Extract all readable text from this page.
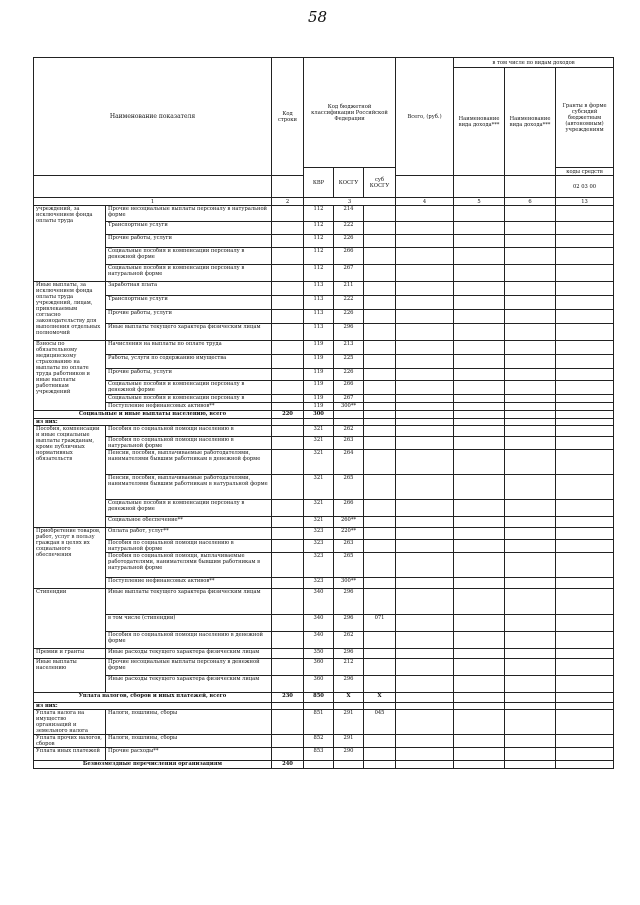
58
Наименование показателя		Код строки	Код бюджетной классификации Российской Федерации			Всего, (руб.)	в том числе по видам доходов		
							Наименование вида дохода***	Наименование вида дохода***	Гранты в форме субсидий бюджетным (автономным) учреждениям
			КВР	КОСГУ	суб КОСГУ				коды средств
									02 03 00
1		2	3			4	5	6	13
учреждений, за исключением фонда оплаты труда	Прочие несоциальные выплаты персоналу в натуральной форме		112	214					
	Транспортные услуги		112	222					
	Прочие работы, услуги		112	226					
	Социальные пособия и компенсации персоналу в денежной форме		112	266					
	Социальные пособия и компенсации персоналу в натуральной форме		112	267					
Иные выплаты, за исключением фонда оплаты труда учреждений, лицам, привлекаемым согласно законодательству для выполнения отдельных полномочий	Заработная плата		113	211					
	Транспортные услуги		113	222					
	Прочие работы, услуги		113	226					
	Иные выплаты текущего характера физическим лицам		113	296					
Взносы по обязательному медицинскому страхованию на выплаты по оплате труда работников и иные выплаты работникам учреждений	Начисления на выплаты по оплате труда		119	213					
	Работы, услуги по содержанию имущества		119	225					
	Прочие работы, услуги		119	226					
	Социальные пособия и компенсации персоналу в денежной форме		119	266					
	Социальные пособия и компенсации персоналу в		119	267					
	Поступление нефинансовых активов**		119	300**					
Социальные и иные выплаты населению, всего		220	300						
из них:									
Пособия, компенсации и иные социальные выплаты гражданам, кроме публичных нормативных обязательств	Пособия по социальной помощи населению в		321	262					
	Пособия по социальной помощи населению в натуральной форме		321	263					
	Пенсии, пособия, выплачиваемые работодателями, нанимателями бывшим работникам в денежной форме		321	264					
	Пенсии, пособия, выплачиваемые работодателями, нанимателями бывшим работникам в натуральной форме		321	265					
	Социальные пособия и компенсации персоналу в денежной форме		321	266					
	Социальное обеспечение**		321	260**					
Приобретение товаров, работ, услуг в пользу граждан в целях их социального обеспечения	Оплата работ, услуг**		323	220**					
	Пособия по социальной помощи населению в натуральной форме		323	263					
	Пособия по социальной помощи, выплачиваемые работодателями, нанимателями бывшим работникам в натуральной форме		323	265					
	Поступление нефинансовых активов**		323	300**					
Стипендии	Иные выплаты текущего характера физическим лицам		340	296					
	в том числе (стипендии)		340	296	071				
	Пособия по социальной помощи населению в денежной форме		340	262					
Премии и гранты	Иные расходы текущего характера физическим лицам		350	296					
Иные выплаты населению	Прочие несоциальные выплаты персоналу в денежной форме		360	212					
	Иные расходы текущего характера физическим лицам		360	296					
Уплата налогов, сборов и иных платежей, всего		230	850	Х	Х				
из них:									
Уплата налога на имущество организаций и земельного налога	Налоги, пошлины, сборы		851	291	045				
Уплата прочих налогов, сборов	Налоги, пошлины, сборы		852	291					
Уплата иных платежей	Прочие расходы**		853	290					
Безвозмездные перечисления организациям		240							
